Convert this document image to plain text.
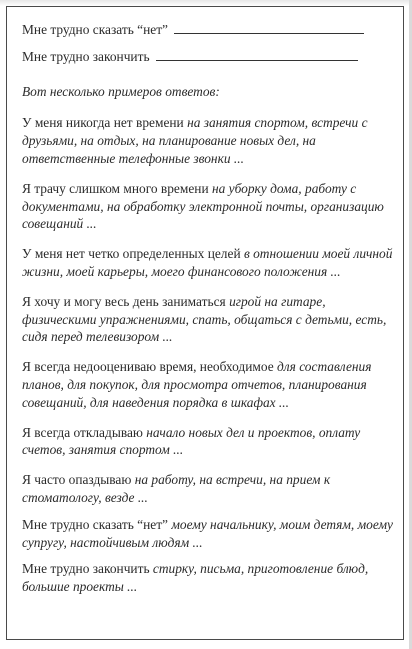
Мне трудно сказать “нет”
Мне трудно закончить
Вот несколько примеров ответов:
У меня никогда нет времени на занятия спортом, встречи с друзьями, на отдых, на планирование новых дел, на ответственные телефонные звонки ...
Я трачу слишком много времени на уборку дома, работу с документами, на обработку электронной почты, организацию совещаний ...
У меня нет четко определенных целей в отношении моей личной жизни, моей карьеры, моего финансового положения ...
Я хочу и могу весь день заниматься игрой на гитаре, физическими упражнениями, спать, общаться с детьми, есть, сидя перед телевизором ...
Я всегда недооцениваю время, необходимое для составления планов, для покупок, для просмотра отчетов, планирования совещаний, для наведения порядка в шкафах ...
Я всегда откладываю начало новых дел и проектов, оплату счетов, занятия спортом ...
Я часто опаздываю на работу, на встречи, на прием к стоматологу, везде ...
Мне трудно сказать “нет” моему начальнику, моим детям, моему супругу, настойчивым людям ...
Мне трудно закончить стирку, письма, приготовление блюд, большие проекты ...
